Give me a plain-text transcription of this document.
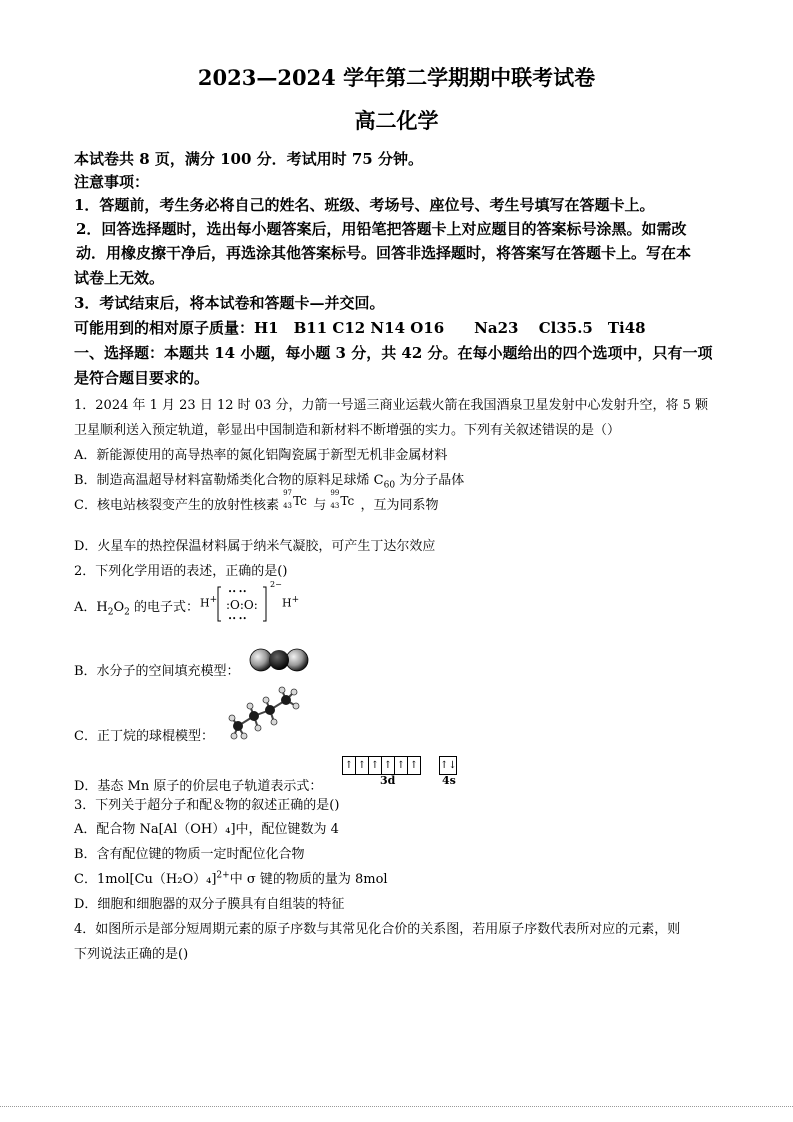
2023—2024 学年第二学期期中联考试卷
高二化学
本试卷共 8 页，满分 100 分．考试用时 75 分钟。
注意事项：
1．答题前，考生务必将自己的姓名、班级、考场号、座位号、考生号填写在答题卡上。
2．回答选择题时，选出每小题答案后，用铅笔把答题卡上对应题目的答案标号涂黑。如需改
动．用橡皮擦干净后，再选涂其他答案标号。回答非选择题时，将答案写在答题卡上。写在本
试卷上无效。
3．考试结束后，将本试卷和答题卡—并交回。
可能用到的相对原子质量：H1　B11 C12 N14 O16　　Na23　 Cl35.5　Ti48
一、选择题：本题共 14 小题，每小题 3 分，共 42 分。在每小题给出的四个选项中，只有一项
是符合题目要求的。
1．2024 年 1 月 23 日 12 时 03 分，力箭一号遥三商业运载火箭在我国酒泉卫星发射中心发射升空，将 5 颗
卫星顺利送入预定轨道，彰显出中国制造和新材料不断增强的实力。下列有关叙述错误的是（）
A．新能源使用的高导热率的氮化铝陶瓷属于新型无机非金属材料
B．制造高温超导材料富勒烯类化合物的原料足球烯 $C_{60}$ 为分子晶体
C．核电站核裂变产生的放射性核素
97
43 Tc 与
99
43 Tc ，互为同系物
D．火星车的热控保温材料属于纳米气凝胶，可产生丁达尔效应
2．下列化学用语的表述，正确的是()
A．$H_2O_2$ 的电子式： H+ :O:O:
•• ••
•• ••
2−
H+
B．水分子的空间填充模型：
C．正丁烷的球棍模型：
D．基态 Mn 原子的价层电子轨道表示式：
↑ ↑ ↑ ↑ ↑ ↑ ↑↓
3d	4s
3．下列关于超分子和配＆物的叙述正确的是()
A．配合物 Na[Al（OH）₄]中，配位键数为 4
B．含有配位键的物质一定时配位化合物
C．$1mol[Cu(H_2O)_4]^{2+}$中 σ 键的物质的量为 8mol
D．细胞和细胞器的双分子膜具有自组装的特征
4．如图所示是部分短周期元素的原子序数与其常见化合价的关系图，若用原子序数代表所对应的元素，则
下列说法正确的是()
